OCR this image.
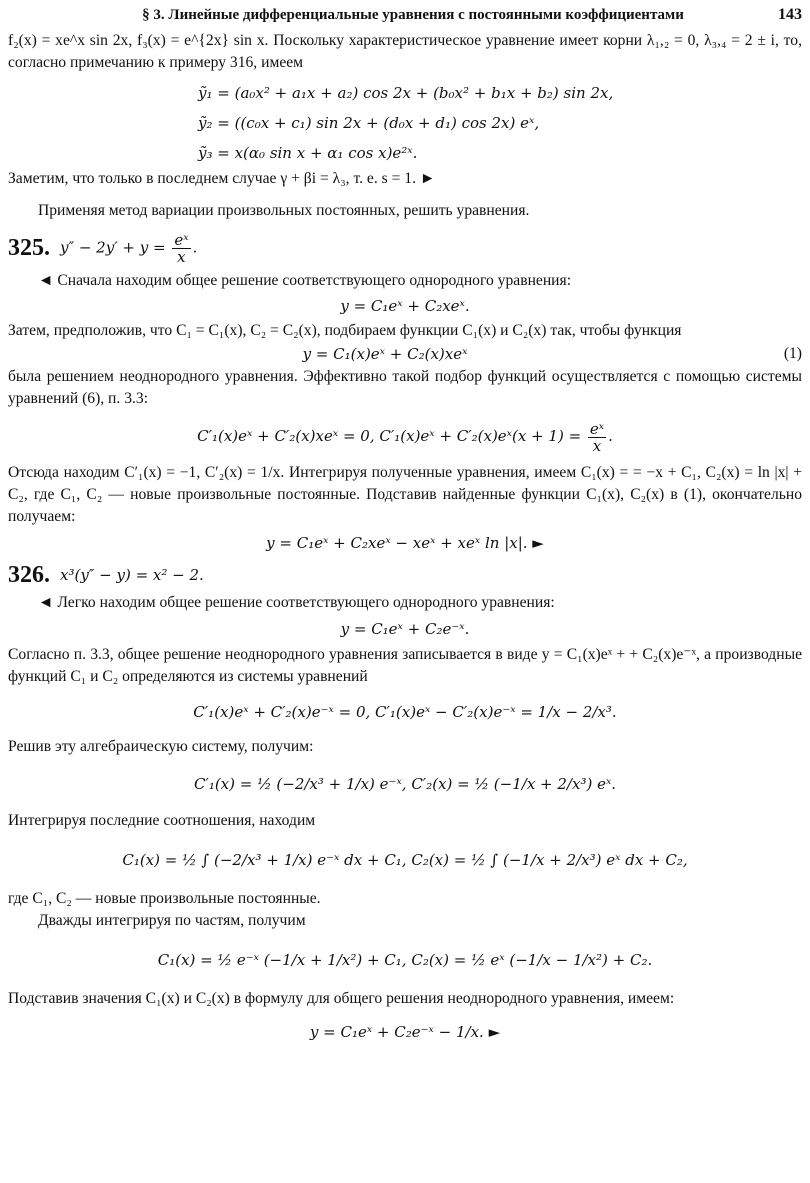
§ 3. Линейные дифференциальные уравнения с постоянными коэффициентами	143

f₂(x) = xe^x sin 2x, f₃(x) = e^{2x} sin x. Поскольку характеристическое уравнение имеет корни λ₁,₂ = 0, λ₃,₄ = 2 ± i, то, согласно примечанию к примеру 316, имеем

ỹ₁ = (a₀x² + a₁x + a₂) cos 2x + (b₀x² + b₁x + b₂) sin 2x,
ỹ₂ = ((c₀x + c₁) sin 2x + (d₀x + d₁) cos 2x) eˣ,
ỹ₃ = x(α₀ sin x + α₁ cos x)e²ˣ.

Заметим, что только в последнем случае γ + βi = λ₃, т. е. s = 1. ►

Применяя метод вариации произвольных постоянных, решить уравнения.

325. $y'' - 2y' + y = \frac{\text{eˣ}}{x}$ .

◄ Сначала находим общее решение соответствующего однородного уравнения:

y = C₁eˣ + C₂xeˣ.

Затем, предположив, что C₁ = C₁(x), C₂ = C₂(x), подбираем функции C₁(x) и C₂(x) так, чтобы функция

y = C₁(x)eˣ + C₂(x)xeˣ	(1)

была решением неоднородного уравнения. Эффективно такой подбор функций осуществляется с помощью системы уравнений (6), п. 3.3:

C′₁(x)eˣ + C′₂(x)xeˣ = 0, C′₁(x)eˣ + C′₂(x)eˣ(x + $1) = \frac{\text{eˣ}}{x}$ .

Отсюда находим C′₁(x) = −1, C′₂(x) = 1/x. Интегрируя полученные уравнения, имеем C₁(x) = = −x + C₁, C₂(x) = ln |x| + C₂, где C₁, C₂ — новые произвольные постоянные. Подставив найденные функции C₁(x), C₂(x) в (1), окончательно получаем:

y = C₁eˣ + C₂xeˣ − xeˣ + xeˣ ln |x|. ►
326. x³(y″ − y) = x² − 2.

◄ Легко находим общее решение соответствующего однородного уравнения:

y = C₁eˣ + C₂e⁻ˣ.

Согласно п. 3.3, общее решение неоднородного уравнения записывается в виде y = C₁(x)eˣ + + C₂(x)e⁻ˣ, а производные функций C₁ и C₂ определяются из системы уравнений

C′₁(x)eˣ + C′₂(x)e⁻ˣ = 0, C′₁(x)eˣ − C′₂(x)e⁻ˣ = 1/x − 2/x³.

Решив эту алгебраическую систему, получим:

C′₁(x) = ½ (−2/x³ + 1/x) e⁻ˣ, C′₂(x) = ½ (−1/x + 2/x³) eˣ.

Интегрируя последние соотношения, находим

C₁(x) = ½ ∫ (−2/x³ + 1/x) e⁻ˣ dx + C₁, C₂(x) = ½ ∫ (−1/x + 2/x³) eˣ dx + C₂,

где C₁, C₂ — новые произвольные постоянные.

Дважды интегрируя по частям, получим

C₁(x) = ½ e⁻ˣ (−1/x + 1/x²) + C₁, C₂(x) = ½ eˣ (−1/x − 1/x²) + C₂.

Подставив значения C₁(x) и C₂(x) в формулу для общего решения неоднородного уравнения, имеем:

y = C₁eˣ + C₂e⁻ˣ − 1/x. ►
